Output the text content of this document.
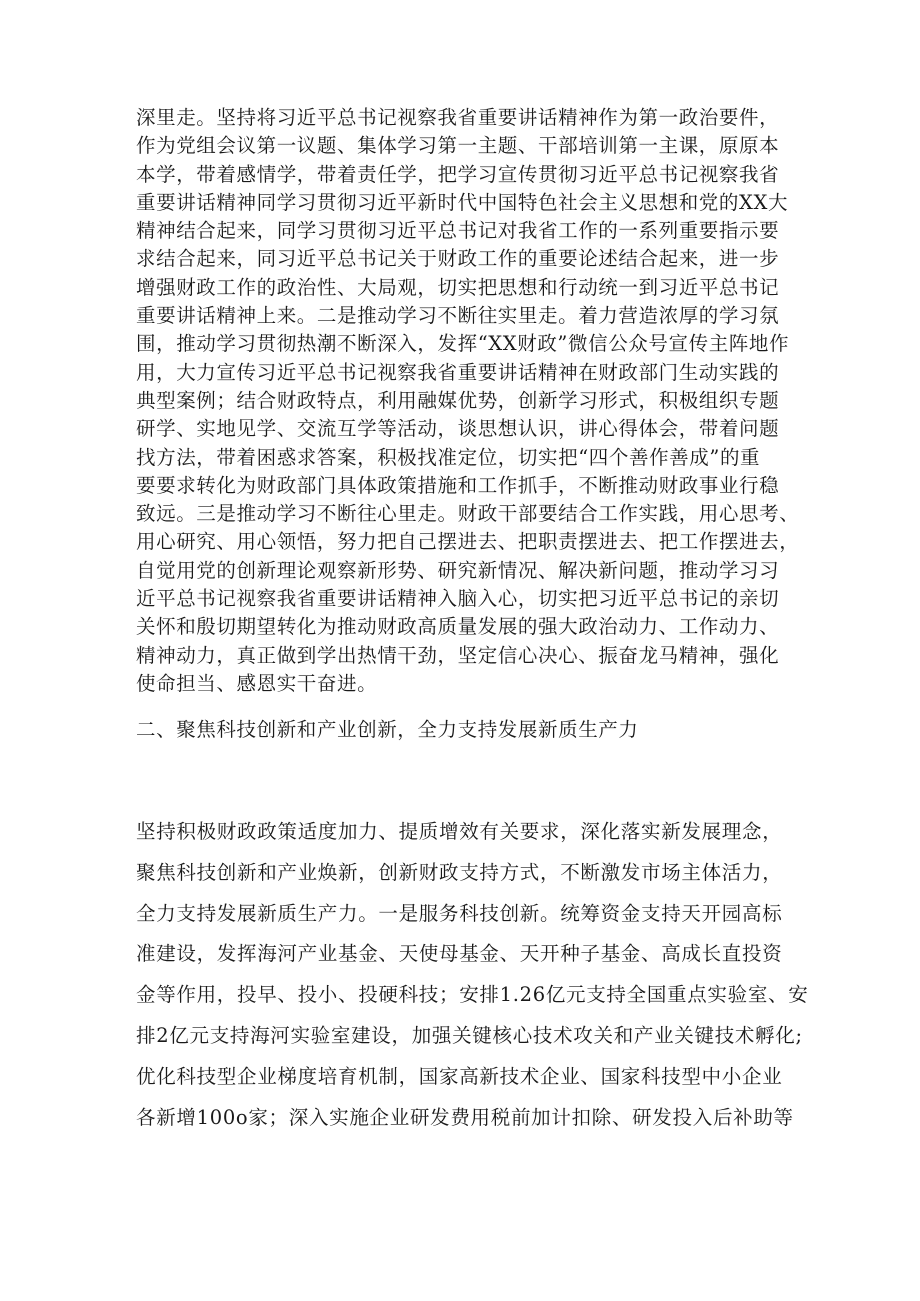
深里走。坚持将习近平总书记视察我省重要讲话精神作为第一政治要件，
作为党组会议第一议题、集体学习第一主题、干部培训第一主课，原原本
本学，带着感情学，带着责任学，把学习宣传贯彻习近平总书记视察我省
重要讲话精神同学习贯彻习近平新时代中国特色社会主义思想和党的XX大
精神结合起来，同学习贯彻习近平总书记对我省工作的一系列重要指示要
求结合起来，同习近平总书记关于财政工作的重要论述结合起来，进一步
增强财政工作的政治性、大局观，切实把思想和行动统一到习近平总书记
重要讲话精神上来。二是推动学习不断往实里走。着力营造浓厚的学习氛
围，推动学习贯彻热潮不断深入，发挥“XX财政”微信公众号宣传主阵地作
用，大力宣传习近平总书记视察我省重要讲话精神在财政部门生动实践的
典型案例；结合财政特点，利用融媒优势，创新学习形式，积极组织专题
研学、实地见学、交流互学等活动，谈思想认识，讲心得体会，带着问题
找方法，带着困惑求答案，积极找准定位，切实把“四个善作善成”的重
要要求转化为财政部门具体政策措施和工作抓手，不断推动财政事业行稳
致远。三是推动学习不断往心里走。财政干部要结合工作实践，用心思考、
用心研究、用心领悟，努力把自己摆进去、把职责摆进去、把工作摆进去，
自觉用党的创新理论观察新形势、研究新情况、解决新问题，推动学习习
近平总书记视察我省重要讲话精神入脑入心，切实把习近平总书记的亲切
关怀和殷切期望转化为推动财政高质量发展的强大政治动力、工作动力、
精神动力，真正做到学出热情干劲，坚定信心决心、振奋龙马精神，强化
使命担当、感恩实干奋进。

二、聚焦科技创新和产业创新，全力支持发展新质生产力

坚持积极财政政策适度加力、提质增效有关要求，深化落实新发展理念，
聚焦科技创新和产业焕新，创新财政支持方式，不断激发市场主体活力，
全力支持发展新质生产力。一是服务科技创新。统筹资金支持天开园高标
准建设，发挥海河产业基金、天使母基金、天开种子基金、高成长直投资
金等作用，投早、投小、投硬科技；安排1.26亿元支持全国重点实验室、安
排2亿元支持海河实验室建设，加强关键核心技术攻关和产业关键技术孵化;
优化科技型企业梯度培育机制，国家高新技术企业、国家科技型中小企业
各新增100o家；深入实施企业研发费用税前加计扣除、研发投入后补助等
